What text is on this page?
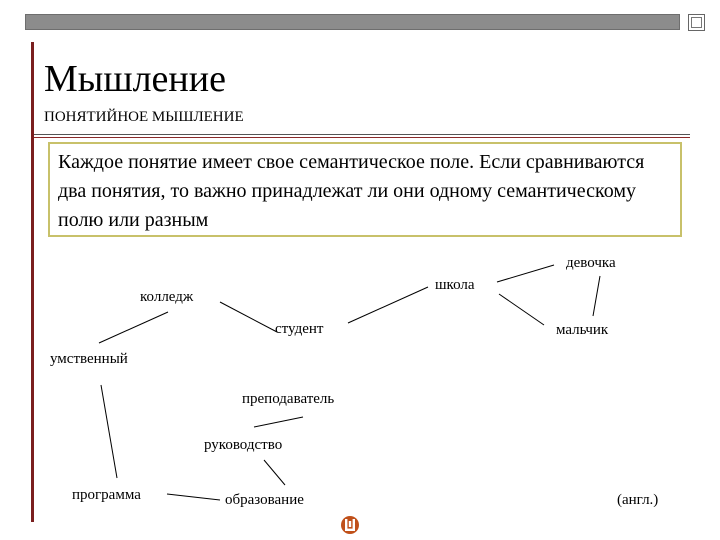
Мышление
ПОНЯТИЙНОЕ МЫШЛЕНИЕ
Каждое понятие имеет свое семантическое поле. Если сравниваются два понятия, то важно принадлежат ли они одному семантическому полю или разным
колледж
школа
девочка
студент	мальчик
умственный
преподаватель
руководство
программа	образование	(англ.)
